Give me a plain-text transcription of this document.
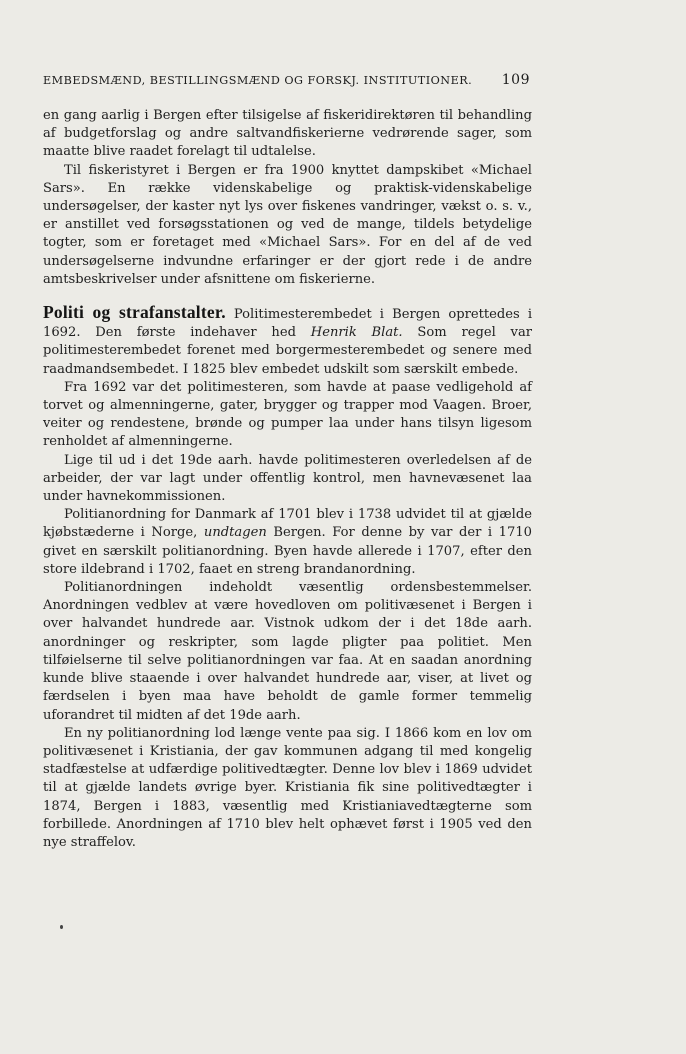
EMBEDSMÆND, BESTILLINGSMÆND OG FORSKJ. INSTITUTIONER. 109

en gang aarlig i Bergen efter tilsigelse af fiskeridirektøren til behandling af budgetforslag og andre saltvandfiskerierne vedrørende sager, som maatte blive raadet forelagt til udtalelse.

Til fiskeristyret i Bergen er fra 1900 knyttet dampskibet «Michael Sars». En række videnskabelige og praktisk-videnskabelige undersøgelser, der kaster nyt lys over fiskenes vandringer, vækst o. s. v., er anstillet ved forsøgsstationen og ved de mange, tildels betydelige togter, som er foretaget med «Michael Sars». For en del af de ved undersøgelserne indvundne erfaringer er der gjort rede i de andre amtsbeskrivelser under afsnittene om fiskerierne.

Politi og strafanstalter. Politimesterembedet i Bergen oprettedes i 1692. Den første indehaver hed Henrik Blat. Som regel var politimesterembedet forenet med borgermesterembedet og senere med raadmandsembedet. I 1825 blev embedet udskilt som særskilt embede.

Fra 1692 var det politimesteren, som havde at paase vedligehold af torvet og almenningerne, gater, brygger og trapper mod Vaagen. Broer, veiter og rendestene, brønde og pumper laa under hans tilsyn ligesom renholdet af almenningerne.

Lige til ud i det 19de aarh. havde politimesteren overledelsen af de arbeider, der var lagt under offentlig kontrol, men havnevæsenet laa under havnekommissionen.

Politianordning for Danmark af 1701 blev i 1738 udvidet til at gjælde kjøbstæderne i Norge, undtagen Bergen. For denne by var der i 1710 givet en særskilt politianordning. Byen havde allerede i 1707, efter den store ildebrand i 1702, faaet en streng brandanordning.

Politianordningen indeholdt væsentlig ordensbestemmelser. Anordningen vedblev at være hovedloven om politivæsenet i Bergen i over halvandet hundrede aar. Vistnok udkom der i det 18de aarh. anordninger og reskripter, som lagde pligter paa politiet. Men tilføielserne til selve politianordningen var faa. At en saadan anordning kunde blive staaende i over halvandet hundrede aar, viser, at livet og færdselen i byen maa have beholdt de gamle former temmelig uforandret til midten af det 19de aarh.

En ny politianordning lod længe vente paa sig. I 1866 kom en lov om politivæsenet i Kristiania, der gav kommunen adgang til med kongelig stadfæstelse at udfærdige politivedtægter. Denne lov blev i 1869 udvidet til at gjælde landets øvrige byer. Kristiania fik sine politivedtægter i 1874, Bergen i 1883, væsentlig med Kristianiavedtægterne som forbillede. Anordningen af 1710 blev helt ophævet først i 1905 ved den nye straffelov.
